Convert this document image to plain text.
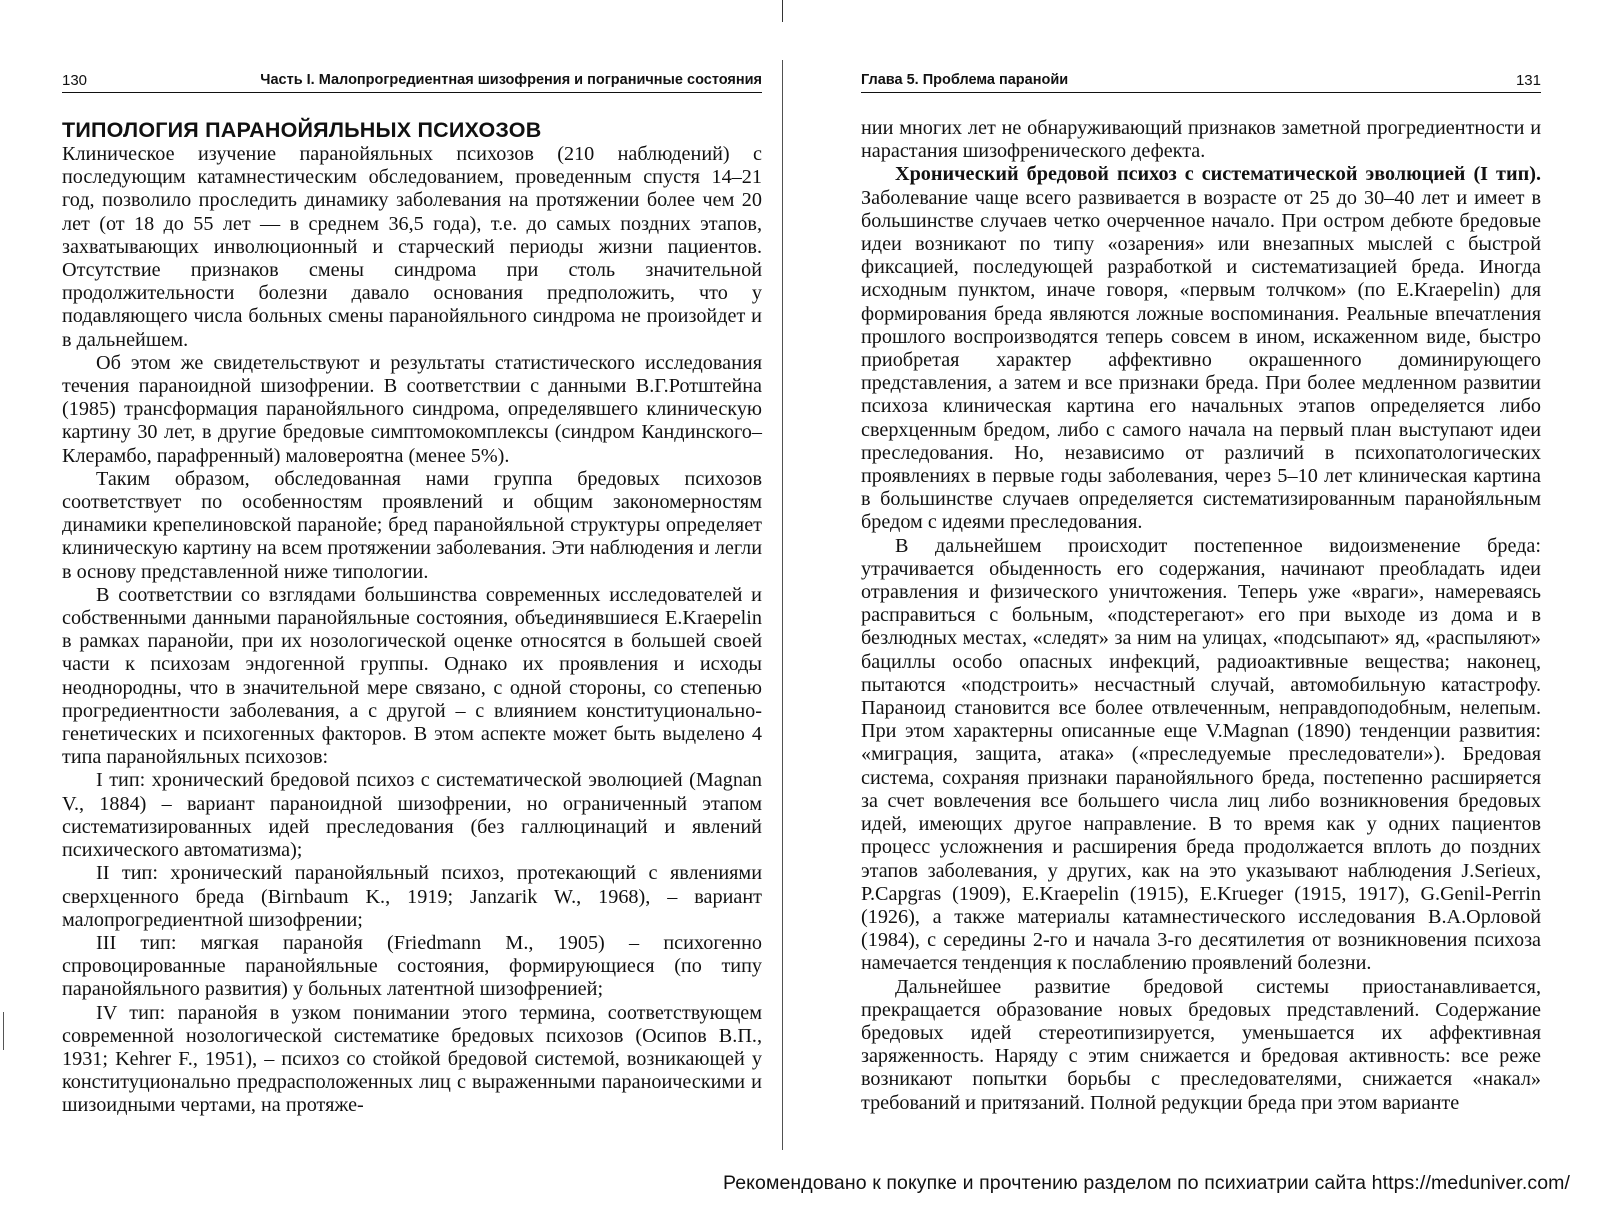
130	Часть I. Малопрогредиентная шизофрения и пограничные состояния
ТИПОЛОГИЯ ПАРАНОЙЯЛЬНЫХ ПСИХОЗОВ

Клиническое изучение паранойяльных психозов (210 наблюдений) с последующим катамнестическим обследованием, проведенным спустя 14–21 год, позволило проследить динамику заболевания на протяжении более чем 20 лет (от 18 до 55 лет — в среднем 36,5 года), т.е. до самых поздних этапов, захватывающих инволюционный и старческий периоды жизни пациентов. Отсутствие признаков смены синдрома при столь значительной продолжительности болезни давало основания предположить, что у подавляющего числа больных смены паранойяльного синдрома не произойдет и в дальнейшем.

Об этом же свидетельствуют и результаты статистического исследования течения параноидной шизофрении. В соответствии с данными В.Г.Ротштейна (1985) трансформация паранойяльного синдрома, определявшего клиническую картину 30 лет, в другие бредовые симптомокомплексы (синдром Кандинского–Клерамбо, парафренный) маловероятна (менее 5%).

Таким образом, обследованная нами группа бредовых психозов соответствует по особенностям проявлений и общим закономерностям динамики крепелиновской паранойе; бред паранойяльной структуры определяет клиническую картину на всем протяжении заболевания. Эти наблюдения и легли в основу представленной ниже типологии.

В соответствии со взглядами большинства современных исследователей и собственными данными паранойяльные состояния, объединявшиеся E.Kraepelin в рамках паранойи, при их нозологической оценке относятся в большей своей части к психозам эндогенной группы. Однако их проявления и исходы неоднородны, что в значительной мере связано, с одной стороны, со степенью прогредиентности заболевания, а с другой – с влиянием конституционально-генетических и психогенных факторов. В этом аспекте может быть выделено 4 типа паранойяльных психозов:

I тип: хронический бредовой психоз с систематической эволюцией (Magnan V., 1884) – вариант параноидной шизофрении, но ограниченный этапом систематизированных идей преследования (без галлюцинаций и явлений психического автоматизма);

II тип: хронический паранойяльный психоз, протекающий с явлениями сверхценного бреда (Birnbaum K., 1919; Janzarik W., 1968), – вариант малопрогредиентной шизофрении;

III тип: мягкая паранойя (Friedmann M., 1905) – психогенно спровоцированные паранойяльные состояния, формирующиеся (по типу паранойяльного развития) у больных латентной шизофренией;

IV тип: паранойя в узком понимании этого термина, соответствующем современной нозологической систематике бредовых психозов (Осипов В.П., 1931; Kehrer F., 1951), – психоз со стойкой бредовой системой, возникающей у конституционально предрасположенных лиц с выраженными параноическими и шизоидными чертами, на протяже-

Глава 5. Проблема паранойи	131

нии многих лет не обнаруживающий признаков заметной прогредиентности и нарастания шизофренического дефекта.

Хронический бредовой психоз с систематической эволюцией (I тип). Заболевание чаще всего развивается в возрасте от 25 до 30–40 лет и имеет в большинстве случаев четко очерченное начало. При остром дебюте бредовые идеи возникают по типу «озарения» или внезапных мыслей с быстрой фиксацией, последующей разработкой и систематизацией бреда. Иногда исходным пунктом, иначе говоря, «первым толчком» (по E.Kraepelin) для формирования бреда являются ложные воспоминания. Реальные впечатления прошлого воспроизводятся теперь совсем в ином, искаженном виде, быстро приобретая характер аффективно окрашенного доминирующего представления, а затем и все признаки бреда. При более медленном развитии психоза клиническая картина его начальных этапов определяется либо сверхценным бредом, либо с самого начала на первый план выступают идеи преследования. Но, независимо от различий в психопатологических проявлениях в первые годы заболевания, через 5–10 лет клиническая картина в большинстве случаев определяется систематизированным паранойяльным бредом с идеями преследования.

В дальнейшем происходит постепенное видоизменение бреда: утрачивается обыденность его содержания, начинают преобладать идеи отравления и физического уничтожения. Теперь уже «враги», намереваясь расправиться с больным, «подстерегают» его при выходе из дома и в безлюдных местах, «следят» за ним на улицах, «подсыпают» яд, «распыляют» бациллы особо опасных инфекций, радиоактивные вещества; наконец, пытаются «подстроить» несчастный случай, автомобильную катастрофу. Параноид становится все более отвлеченным, неправдоподобным, нелепым. При этом характерны описанные еще V.Magnan (1890) тенденции развития: «миграция, защита, атака» («преследуемые преследователи»). Бредовая система, сохраняя признаки паранойяльного бреда, постепенно расширяется за счет вовлечения все большего числа лиц либо возникновения бредовых идей, имеющих другое направление. В то время как у одних пациентов процесс усложнения и расширения бреда продолжается вплоть до поздних этапов заболевания, у других, как на это указывают наблюдения J.Serieux, P.Capgras (1909), E.Kraepelin (1915), E.Krueger (1915, 1917), G.Genil-Perrin (1926), а также материалы катамнестического исследования В.А.Орловой (1984), с середины 2-го и начала 3-го десятилетия от возникновения психоза намечается тенденция к послаблению проявлений болезни.

Дальнейшее развитие бредовой системы приостанавливается, прекращается образование новых бредовых представлений. Содержание бредовых идей стереотипизируется, уменьшается их аффективная заряженность. Наряду с этим снижается и бредовая активность: все реже возникают попытки борьбы с преследователями, снижается «накал» требований и притязаний. Полной редукции бреда при этом варианте

Рекомендовано к покупке и прочтению разделом по психиатрии сайта https://meduniver.com/
